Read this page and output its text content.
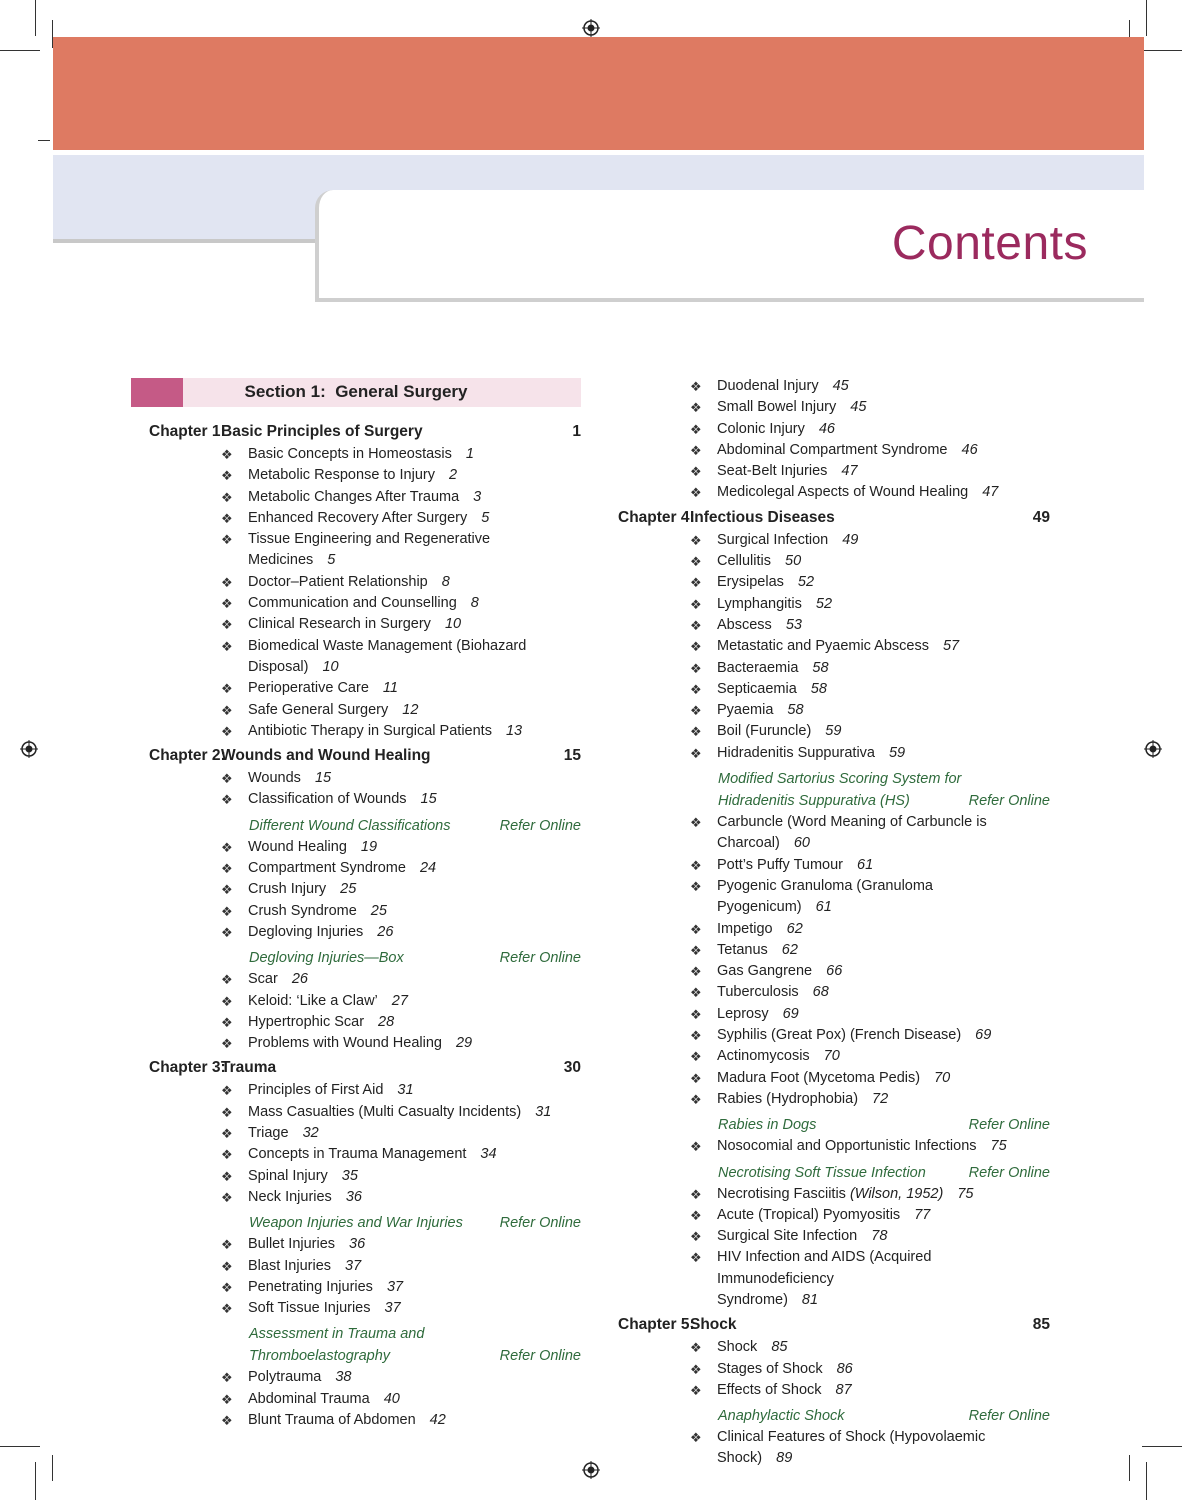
Contents
Section 1: General Surgery
Chapter 1:
Basic Principles of Surgery	1
❖ Basic Concepts in Homeostasis 1
❖ Metabolic Response to Injury 2
❖ Metabolic Changes After Trauma 3
❖ Enhanced Recovery After Surgery 5
❖ Tissue Engineering and Regenerative Medicines 5
❖ Doctor–Patient Relationship 8
❖ Communication and Counselling 8
❖ Clinical Research in Surgery 10
❖ Biomedical Waste Management (Biohazard Disposal) 10
❖ Perioperative Care 11
❖ Safe General Surgery 12
❖ Antibiotic Therapy in Surgical Patients 13
Chapter 2:
Wounds and Wound Healing	15
❖ Wounds 15
❖ Classification of Wounds 15
Different Wound Classifications	Refer Online
❖ Wound Healing 19
❖ Compartment Syndrome 24
❖ Crush Injury 25
❖ Crush Syndrome 25
❖ Degloving Injuries 26
Degloving Injuries—Box	Refer Online
❖ Scar 26
❖ Keloid: ‘Like a Claw’ 27
❖ Hypertrophic Scar 28
❖ Problems with Wound Healing 29
Chapter 3:
Trauma	30
❖ Principles of First Aid 31
❖ Mass Casualties (Multi Casualty Incidents) 31
❖ Triage 32
❖ Concepts in Trauma Management 34
❖ Spinal Injury 35
❖ Neck Injuries 36
Weapon Injuries and War Injuries	Refer Online
❖ Bullet Injuries 36
❖ Blast Injuries 37
❖ Penetrating Injuries 37
❖ Soft Tissue Injuries 37
Assessment in Trauma and
Thromboelastography	Refer Online
❖ Polytrauma 38
❖ Abdominal Trauma 40
❖ Blunt Trauma of Abdomen 42
❖ Duodenal Injury 45
❖ Small Bowel Injury 45
❖ Colonic Injury 46
❖ Abdominal Compartment Syndrome 46
❖ Seat-Belt Injuries 47
❖ Medicolegal Aspects of Wound Healing 47
Chapter 4:
Infectious Diseases	49
❖ Surgical Infection 49
❖ Cellulitis 50
❖ Erysipelas 52
❖ Lymphangitis 52
❖ Abscess 53
❖ Metastatic and Pyaemic Abscess 57
❖ Bacteraemia 58
❖ Septicaemia 58
❖ Pyaemia 58
❖ Boil (Furuncle) 59
❖ Hidradenitis Suppurativa 59
Modified Sartorius Scoring System for
Hidradenitis Suppurativa (HS)	Refer Online
❖ Carbuncle (Word Meaning of Carbuncle is Charcoal) 60
❖ Pott’s Puffy Tumour 61
❖ Pyogenic Granuloma (Granuloma Pyogenicum) 61
❖ Impetigo 62
❖ Tetanus 62
❖ Gas Gangrene 66
❖ Tuberculosis 68
❖ Leprosy 69
❖ Syphilis (Great Pox) (French Disease) 69
❖ Actinomycosis 70
❖ Madura Foot (Mycetoma Pedis) 70
❖ Rabies (Hydrophobia) 72
Rabies in Dogs	Refer Online
❖ Nosocomial and Opportunistic Infections 75
Necrotising Soft Tissue Infection	Refer Online
❖ Necrotising Fasciitis (Wilson, 1952) 75
❖ Acute (Tropical) Pyomyositis 77
❖ Surgical Site Infection 78
❖ HIV Infection and AIDS (Acquired Immunodeficiency
Syndrome) 81
Chapter 5:
Shock	85
❖ Shock 85
❖ Stages of Shock 86
❖ Effects of Shock 87
Anaphylactic Shock	Refer Online
❖ Clinical Features of Shock (Hypovolaemic Shock) 89
